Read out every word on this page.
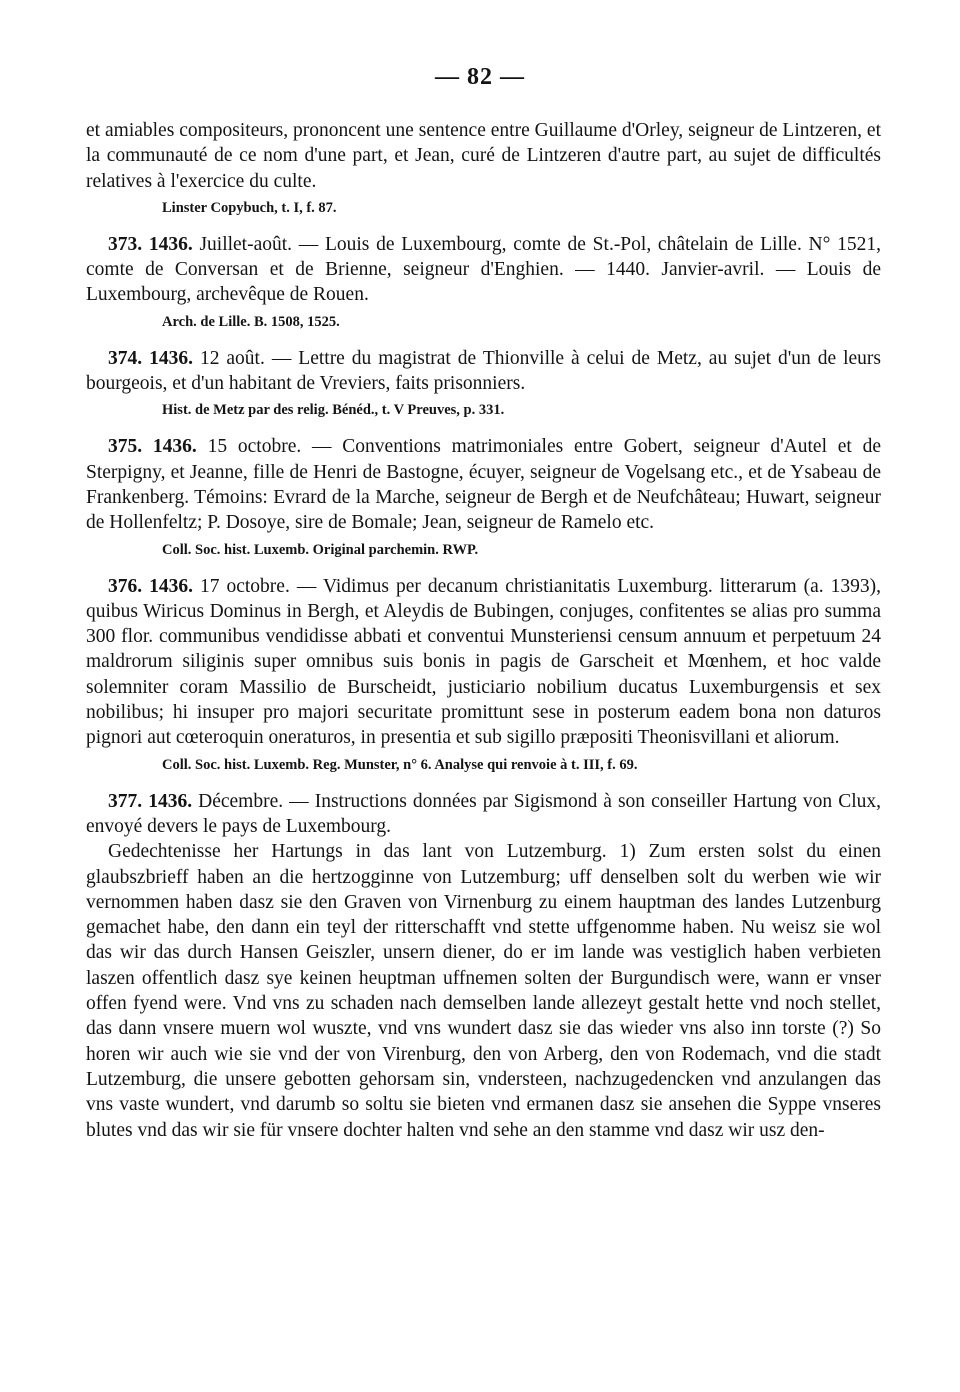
— 82 —

et amiables compositeurs, prononcent une sentence entre Guillaume d'Orley, seigneur de Lintzeren, et la communauté de ce nom d'une part, et Jean, curé de Lintzeren d'autre part, au sujet de difficultés relatives à l'exercice du culte.

Linster Copybuch, t. I, f. 87.

373. 1436. Juillet-août. — Louis de Luxembourg, comte de St.-Pol, châtelain de Lille. N° 1521, comte de Conversan et de Brienne, seigneur d'Enghien. — 1440. Janvier-avril. — Louis de Luxembourg, archevêque de Rouen.

Arch. de Lille. B. 1508, 1525.

374. 1436. 12 août. — Lettre du magistrat de Thionville à celui de Metz, au sujet d'un de leurs bourgeois, et d'un habitant de Vreviers, faits prisonniers.

Hist. de Metz par des relig. Bénéd., t. V Preuves, p. 331.

375. 1436. 15 octobre. — Conventions matrimoniales entre Gobert, seigneur d'Autel et de Sterpigny, et Jeanne, fille de Henri de Bastogne, écuyer, seigneur de Vogelsang etc., et de Ysabeau de Frankenberg. Témoins: Evrard de la Marche, seigneur de Bergh et de Neufchâteau; Huwart, seigneur de Hollenfeltz; P. Dosoye, sire de Bomale; Jean, seigneur de Ramelo etc.

Coll. Soc. hist. Luxemb. Original parchemin. RWP.

376. 1436. 17 octobre. — Vidimus per decanum christianitatis Luxemburg. litterarum (a. 1393), quibus Wiricus Dominus in Bergh, et Aleydis de Bubingen, conjuges, confitentes se alias pro summa 300 flor. communibus vendidisse abbati et conventui Munsteriensi censum annuum et perpetuum 24 maldrorum siliginis super omnibus suis bonis in pagis de Garscheit et Mœnhem, et hoc valde solemniter coram Massilio de Burscheidt, justiciario nobilium ducatus Luxemburgensis et sex nobilibus; hi insuper pro majori securitate promittunt sese in posterum eadem bona non daturos pignori aut cœteroquin oneraturos, in presentia et sub sigillo præpositi Theonisvillani et aliorum.

Coll. Soc. hist. Luxemb. Reg. Munster, n° 6. Analyse qui renvoie à t. III, f. 69.

377. 1436. Décembre. — Instructions données par Sigismond à son conseiller Hartung von Clux, envoyé devers le pays de Luxembourg.

Gedechtenisse her Hartungs in das lant von Lutzemburg. 1) Zum ersten solst du einen glaubszbrieff haben an die hertzogginne von Lutzemburg; uff denselben solt du werben wie wir vernommen haben dasz sie den Graven von Virnenburg zu einem hauptman des landes Lutzenburg gemachet habe, den dann ein teyl der ritterschafft vnd stette uffgenomme haben. Nu weisz sie wol das wir das durch Hansen Geiszler, unsern diener, do er im lande was vestiglich haben verbieten laszen offentlich dasz sye keinen heuptman uffnemen solten der Burgundisch were, wann er vnser offen fyend were. Vnd vns zu schaden nach demselben lande allezeyt gestalt hette vnd noch stellet, das dann vnsere muern wol wuszte, vnd vns wundert dasz sie das wieder vns also inn torste (?) So horen wir auch wie sie vnd der von Virenburg, den von Arberg, den von Rodemach, vnd die stadt Lutzemburg, die unsere gebotten gehorsam sin, vndersteen, nachzugedencken vnd anzulangen das vns vaste wundert, vnd darumb so soltu sie bieten vnd ermanen dasz sie ansehen die Syppe vnseres blutes vnd das wir sie für vnsere dochter halten vnd sehe an den stamme vnd dasz wir usz den-
